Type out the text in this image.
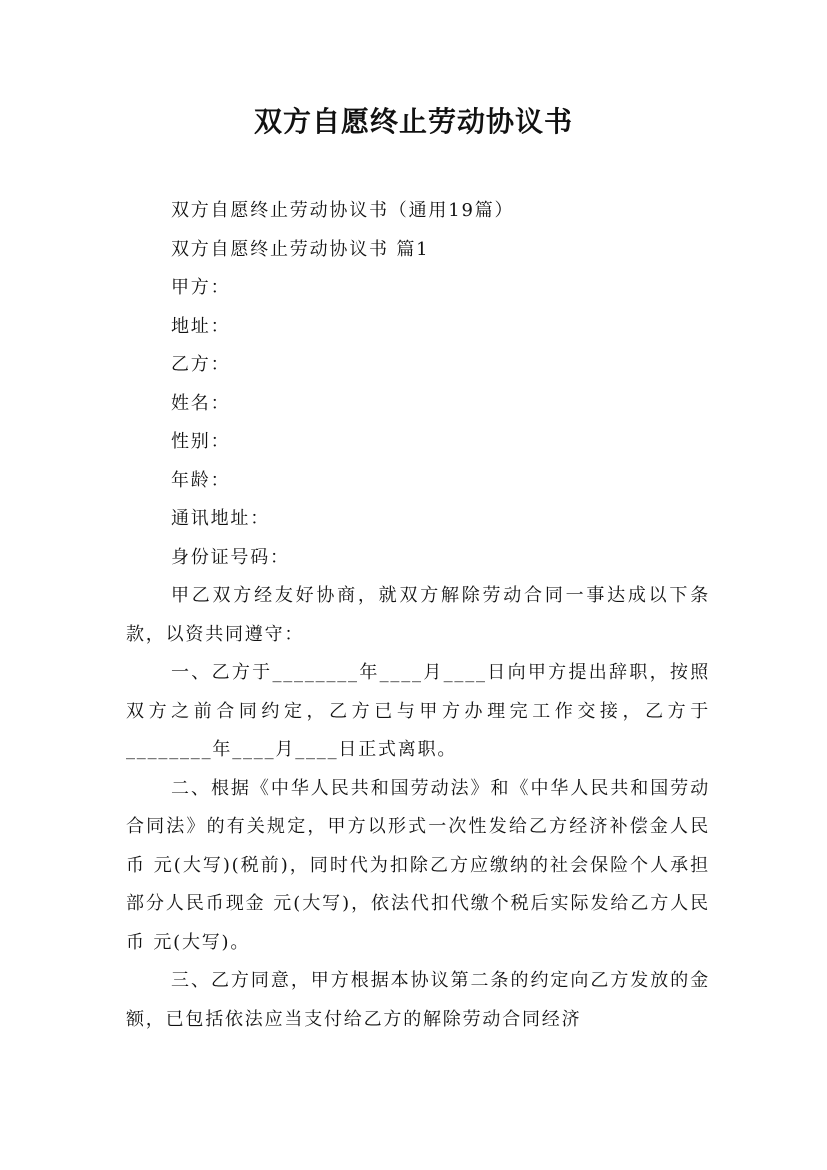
双方自愿终止劳动协议书

双方自愿终止劳动协议书（通用19篇）

双方自愿终止劳动协议书 篇1

甲方：

地址：

乙方：

姓名：

性别：

年龄：

通讯地址：

身份证号码：

甲乙双方经友好协商，就双方解除劳动合同一事达成以下条款，以资共同遵守：

一、乙方于________年____月____日向甲方提出辞职，按照双方之前合同约定，乙方已与甲方办理完工作交接，乙方于________年____月____日正式离职。

二、根据《中华人民共和国劳动法》和《中华人民共和国劳动合同法》的有关规定，甲方以形式一次性发给乙方经济补偿金人民币 元(大写)(税前)，同时代为扣除乙方应缴纳的社会保险个人承担部分人民币现金 元(大写)，依法代扣代缴个税后实际发给乙方人民币 元(大写)。

三、乙方同意，甲方根据本协议第二条的约定向乙方发放的金额，已包括依法应当支付给乙方的解除劳动合同经济
